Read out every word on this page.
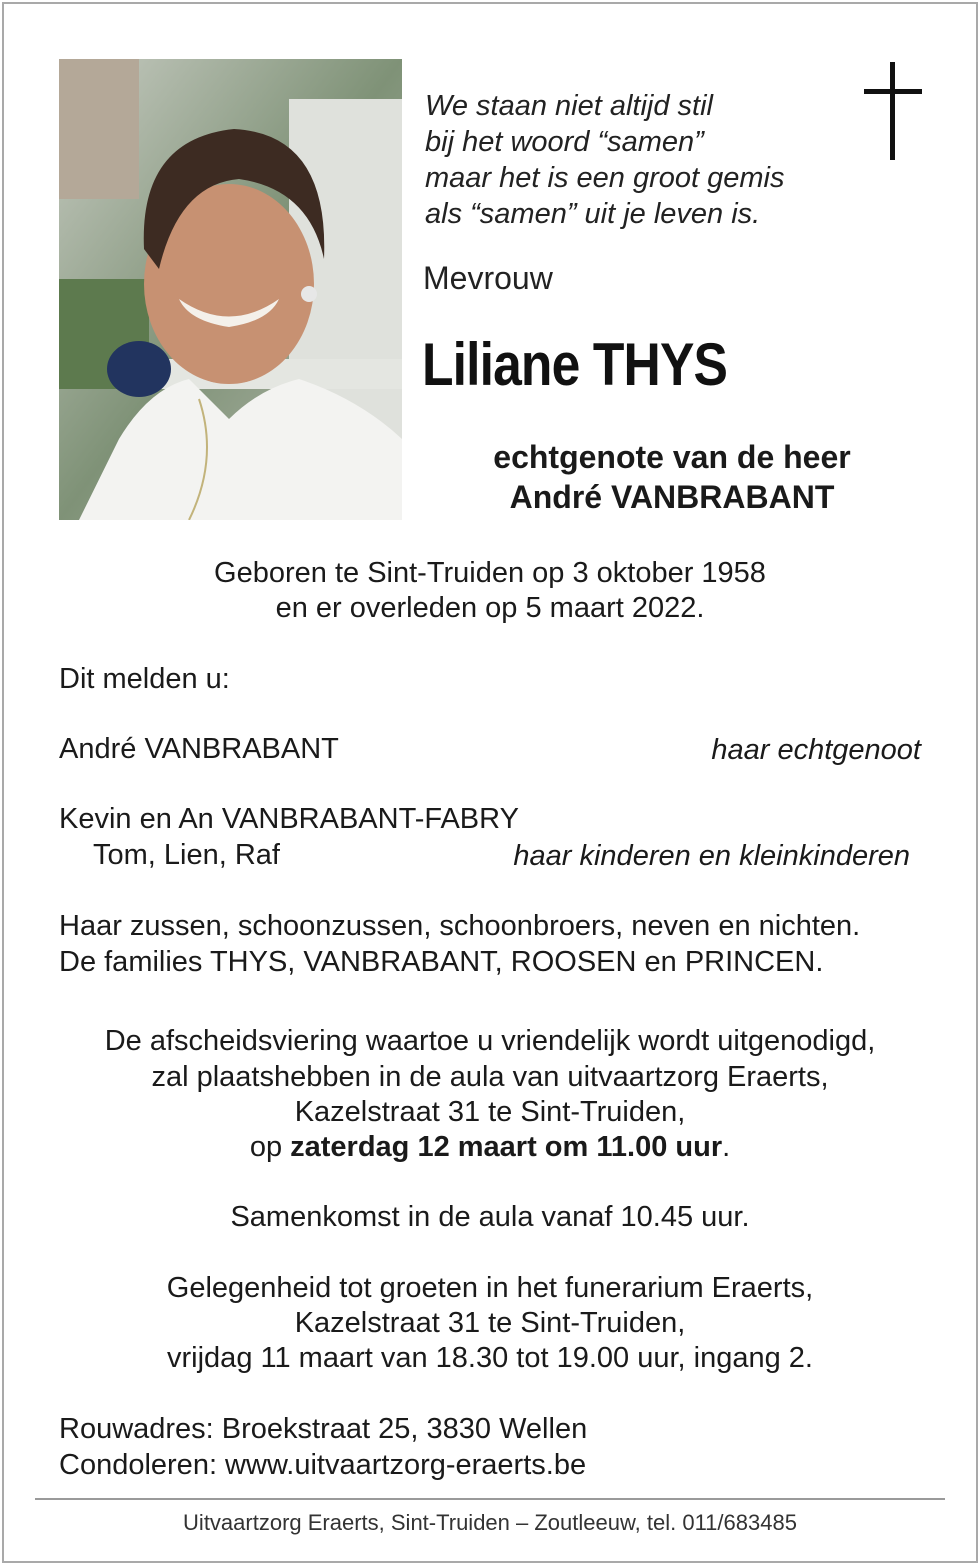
We staan niet altijd stil
bij het woord “samen”
maar het is een groot gemis
als “samen” uit je leven is.
Mevrouw
Liliane THYS
echtgenote van de heer
André VANBRABANT
Geboren te Sint-Truiden op 3 oktober 1958
en er overleden op 5 maart 2022.
Dit melden u:
André VANBRABANT	haar echtgenoot
Kevin en An VANBRABANT-FABRY
Tom, Lien, Raf	haar kinderen en kleinkinderen
Haar zussen, schoonzussen, schoonbroers, neven en nichten.
De families THYS, VANBRABANT, ROOSEN en PRINCEN.
De afscheidsviering waartoe u vriendelijk wordt uitgenodigd,
zal plaatshebben in de aula van uitvaartzorg Eraerts,
Kazelstraat 31 te Sint-Truiden,
op zaterdag 12 maart om 11.00 uur.
Samenkomst in de aula vanaf 10.45 uur.
Gelegenheid tot groeten in het funerarium Eraerts,
Kazelstraat 31 te Sint-Truiden,
vrijdag 11 maart van 18.30 tot 19.00 uur, ingang 2.
Rouwadres: Broekstraat 25, 3830 Wellen
Condoleren: www.uitvaartzorg-eraerts.be
Uitvaartzorg Eraerts, Sint-Truiden – Zoutleeuw, tel. 011/683485
